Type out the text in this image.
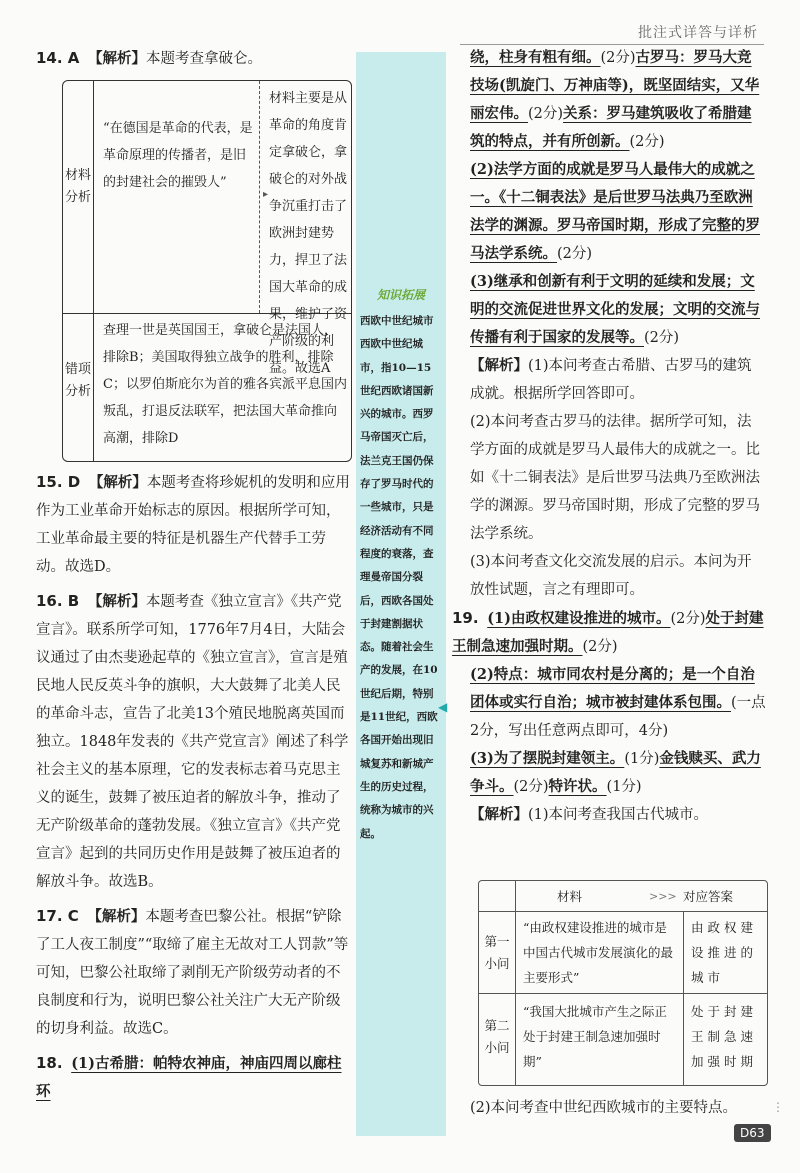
批注式详答与详析

14. A 【解析】本题考查拿破仑。

材料分析
“在德国是革命的代表，是革命原理的传播者，是旧的封建社会的摧毁人”
▸
材料主要是从革命的角度肯定拿破仑，拿破仑的对外战争沉重打击了欧洲封建势力，捍卫了法国大革命的成果，维护了资产阶级的利益。故选A
错项分析
查理一世是英国国王，拿破仑是法国人，排除B；美国取得独立战争的胜利，排除C；以罗伯斯庇尔为首的雅各宾派平息国内叛乱，打退反法联军，把法国大革命推向高潮，排除D

15. D 【解析】本题考查将珍妮机的发明和应用作为工业革命开始标志的原因。根据所学可知，工业革命最主要的特征是机器生产代替手工劳动。故选D。

16. B 【解析】本题考查《独立宣言》《共产党宣言》。联系所学可知，1776年7月4日，大陆会议通过了由杰斐逊起草的《独立宣言》，宣言是殖民地人民反英斗争的旗帜，大大鼓舞了北美人民的革命斗志，宣告了北美13个殖民地脱离英国而独立。1848年发表的《共产党宣言》阐述了科学社会主义的基本原理，它的发表标志着马克思主义的诞生，鼓舞了被压迫者的解放斗争，推动了无产阶级革命的蓬勃发展。《独立宣言》《共产党宣言》起到的共同历史作用是鼓舞了被压迫者的解放斗争。故选B。

17. C 【解析】本题考查巴黎公社。根据“铲除了工人夜工制度”“取缔了雇主无故对工人罚款”等可知，巴黎公社取缔了剥削无产阶级劳动者的不良制度和行为，说明巴黎公社关注广大无产阶级的切身利益。故选C。

18. (1)古希腊：帕特农神庙，神庙四周以廊柱环

知识拓展
西欧中世纪城市　西欧中世纪城市，指10—15世纪西欧诸国新兴的城市。西罗马帝国灭亡后，法兰克王国仍保存了罗马时代的一些城市，只是经济活动有不同程度的衰落，查理曼帝国分裂后，西欧各国处于封建割据状态。随着社会生产的发展，在10世纪后期，特别是11世纪，西欧各国开始出现旧城复苏和新城产生的历史过程，统称为城市的兴起。
◀

绕，柱身有粗有细。(2分)古罗马：罗马大竞技场(凯旋门、万神庙等)，既坚固结实，又华丽宏伟。(2分)关系：罗马建筑吸收了希腊建筑的特点，并有所创新。(2分)

(2)法学方面的成就是罗马人最伟大的成就之一。《十二铜表法》是后世罗马法典乃至欧洲法学的渊源。罗马帝国时期，形成了完整的罗马法学系统。(2分)

(3)继承和创新有利于文明的延续和发展；文明的交流促进世界文化的发展；文明的交流与传播有利于国家的发展等。(2分)

【解析】(1)本问考查古希腊、古罗马的建筑成就。根据所学回答即可。

(2)本问考查古罗马的法律。据所学可知，法学方面的成就是罗马人最伟大的成就之一。比如《十二铜表法》是后世罗马法典乃至欧洲法学的渊源。罗马帝国时期，形成了完整的罗马法学系统。

(3)本问考查文化交流发展的启示。本问为开放性试题，言之有理即可。

19. (1)由政权建设推进的城市。(2分)处于封建王制急速加强时期。(2分)

(2)特点：城市同农村是分离的；是一个自治团体或实行自治；城市被封建体系包围。(一点2分，写出任意两点即可，4分)

(3)为了摆脱封建领主。(1分)金钱赎买、武力争斗。(2分)特许状。(1分)

【解析】(1)本问考查我国古代城市。

材料	>>> 对应答案
第一小问
“由政权建设推进的城市是中国古代城市发展演化的最主要形式”
由政权建设推进的城市
第二小问
“我国大批城市产生之际正处于封建王制急速加强时期”
处于封建王制急速加强时期

(2)本问考查中世纪西欧城市的主要特点。

D63
⋮
